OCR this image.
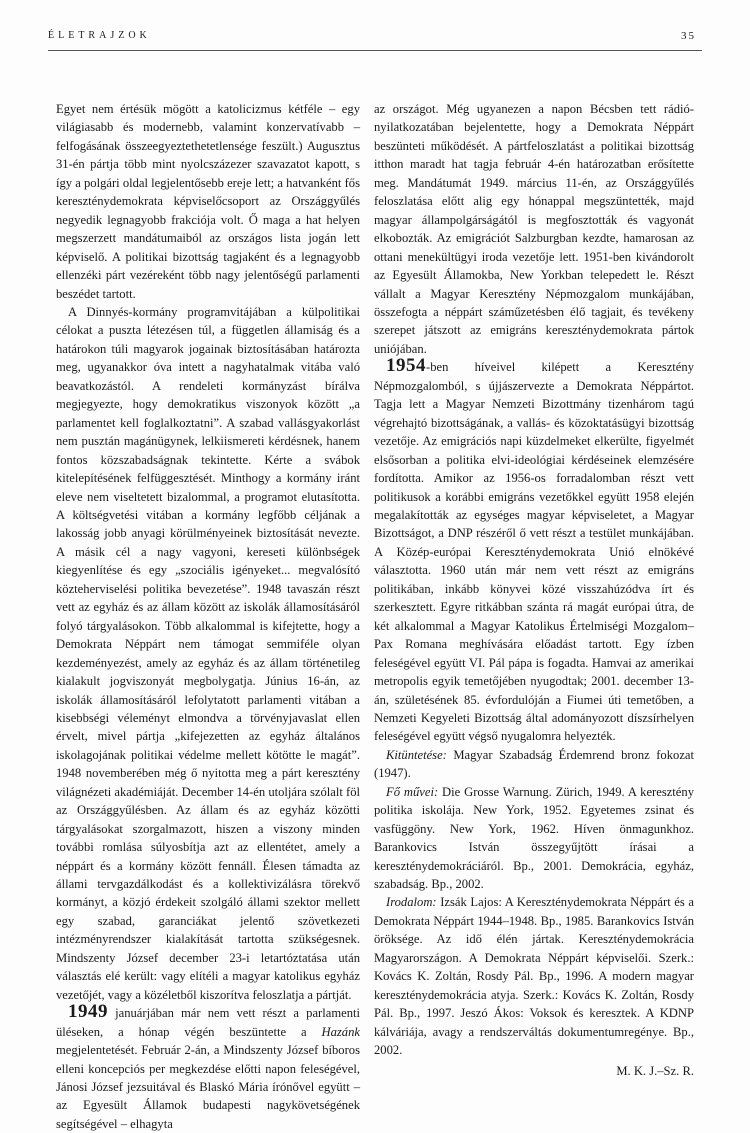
ÉLETRAJZOK	35

Egyet nem értésük mögött a katolicizmus kétféle – egy világiasabb és modernebb, valamint konzervatívabb – felfogásának összeegyeztethetetlensége feszült.) Augusztus 31-én pártja több mint nyolcszázezer szavazatot kapott, s így a polgári oldal legjelentősebb ereje lett; a hatvanként fős kereszténydemokrata képviselőcsoport az Országgyűlés negyedik legnagyobb frakciója volt. Ő maga a hat helyen megszerzett mandátumaiból az országos lista jogán lett képviselő. A politikai bizottság tagjaként és a legnagyobb ellenzéki párt vezéreként több nagy jelentőségű parlamenti beszédet tartott.

A Dinnyés-kormány programvitájában a külpolitikai célokat a puszta létezésen túl, a független államiság és a határokon túli magyarok jogainak biztosításában határozta meg, ugyanakkor óva intett a nagyhatalmak vitába való beavatkozástól. A rendeleti kormányzást bírálva megjegyezte, hogy demokratikus viszonyok között „a parlamentet kell foglalkoztatni”. A szabad vallásgyakorlást nem pusztán magánügynek, lelkiismereti kérdésnek, hanem fontos közszabadságnak tekintette. Kérte a svábok kitelepítésének felfüggesztését. Minthogy a kormány iránt eleve nem viseltetett bizalommal, a programot elutasította. A költségvetési vitában a kormány legfőbb céljának a lakosság jobb anyagi körülményeinek biztosítását nevezte. A másik cél a nagy vagyoni, kereseti különbségek kiegyenlítése és egy „szociális igényeket... megvalósító közteherviselési politika bevezetése”. 1948 tavaszán részt vett az egyház és az állam között az iskolák államosításáról folyó tárgyalásokon. Több alkalommal is kifejtette, hogy a Demokrata Néppárt nem támogat semmiféle olyan kezdeményezést, amely az egyház és az állam történetileg kialakult jogviszonyát megbolygatja. Június 16-án, az iskolák államosításáról lefolytatott parlamenti vitában a kisebbségi véleményt elmondva a törvényjavaslat ellen érvelt, mivel pártja „kifejezetten az egyház általános iskolagojának politikai védelme mellett kötötte le magát”. 1948 novemberében még ő nyitotta meg a párt keresztény világnézeti akadémiáját. December 14-én utoljára szólalt föl az Országgyűlésben. Az állam és az egyház közötti tárgyalásokat szorgalmazott, hiszen a viszony minden további romlása súlyosbítja azt az ellentétet, amely a néppárt és a kormány között fennáll. Élesen támadta az állami tervgazdálkodást és a kollektivizálásra törekvő kormányt, a közjó érdekeit szolgáló állami szektor mellett egy szabad, garanciákat jelentő szövetkezeti intézményrendszer kialakítását tartotta szükségesnek. Mindszenty József december 23-i letartóztatása után választás elé került: vagy elítéli a magyar katolikus egyház vezetőjét, vagy a közéletből kiszorítva feloszlatja a pártját.

1949 januárjában már nem vett részt a parlamenti üléseken, a hónap végén beszüntette a Hazánk megjelentetését. Február 2-án, a Mindszenty József bíboros elleni koncepciós per megkezdése előtti napon feleségével, Jánosi József jezsuitával és Blaskó Mária írónővel együtt – az Egyesült Államok budapesti nagykövetségének segítségével – elhagyta

az országot. Még ugyanezen a napon Bécsben tett rádió-nyilatkozatában bejelentette, hogy a Demokrata Néppárt beszünteti működését. A pártfeloszlatást a politikai bizottság itthon maradt hat tagja február 4-én határozatban erősítette meg. Mandátumát 1949. március 11-én, az Országgyűlés feloszlatása előtt alig egy hónappal megszüntették, majd magyar állampolgárságától is megfosztották és vagyonát elkobozták. Az emigrációt Salzburgban kezdte, hamarosan az ottani menekültügyi iroda vezetője lett. 1951-ben kivándorolt az Egyesült Államokba, New Yorkban telepedett le. Részt vállalt a Magyar Keresztény Népmozgalom munkájában, összefogta a néppárt száműzetésben élő tagjait, és tevékeny szerepet játszott az emigráns kereszténydemokrata pártok uniójában.

1954-ben híveivel kilépett a Keresztény Népmozgalomból, s újjászervezte a Demokrata Néppártot. Tagja lett a Magyar Nemzeti Bizottmány tizenhárom tagú végrehajtó bizottságának, a vallás- és közoktatásügyi bizottság vezetője. Az emigrációs napi küzdelmeket elkerülte, figyelmét elsősorban a politika elvi-ideológiai kérdéseinek elemzésére fordította. Amikor az 1956-os forradalomban részt vett politikusok a korábbi emigráns vezetőkkel együtt 1958 elején megalakították az egységes magyar képviseletet, a Magyar Bizottságot, a DNP részéről ő vett részt a testület munkájában. A Közép-európai Kereszténydemokrata Unió elnökévé választotta. 1960 után már nem vett részt az emigráns politikában, inkább könyvei közé visszahúzódva írt és szerkesztett. Egyre ritkábban szánta rá magát európai útra, de két alkalommal a Magyar Katolikus Értelmiségi Mozgalom–Pax Romana meghívására előadást tartott. Egy ízben feleségével együtt VI. Pál pápa is fogadta. Hamvai az amerikai metropolis egyik temetőjében nyugodtak; 2001. december 13-án, születésének 85. évfordulóján a Fiumei úti temetőben, a Nemzeti Kegyeleti Bizottság által adományozott díszsírhelyen feleségével együtt végső nyugalomra helyezték.

Kitüntetése: Magyar Szabadság Érdemrend bronz fokozat (1947).

Fő művei: Die Grosse Warnung. Zürich, 1949. A keresztény politika iskolája. New York, 1952. Egyetemes zsinat és vasfüggöny. New York, 1962. Híven önmagunkhoz. Barankovics István összegyűjtött írásai a kereszténydemokráciáról. Bp., 2001. Demokrácia, egyház, szabadság. Bp., 2002.

Irodalom: Izsák Lajos: A Kereszténydemokrata Néppárt és a Demokrata Néppárt 1944–1948. Bp., 1985. Barankovics István öröksége. Az idő élén jártak. Kereszténydemokrácia Magyarországon. A Demokrata Néppárt képviselői. Szerk.: Kovács K. Zoltán, Rosdy Pál. Bp., 1996. A modern magyar kereszténydemokrácia atyja. Szerk.: Kovács K. Zoltán, Rosdy Pál. Bp., 1997. Jeszó Ákos: Voksok és keresztek. A KDNP kálváriája, avagy a rendszerváltás dokumentumregénye. Bp., 2002.

M. K. J.–Sz. R.
